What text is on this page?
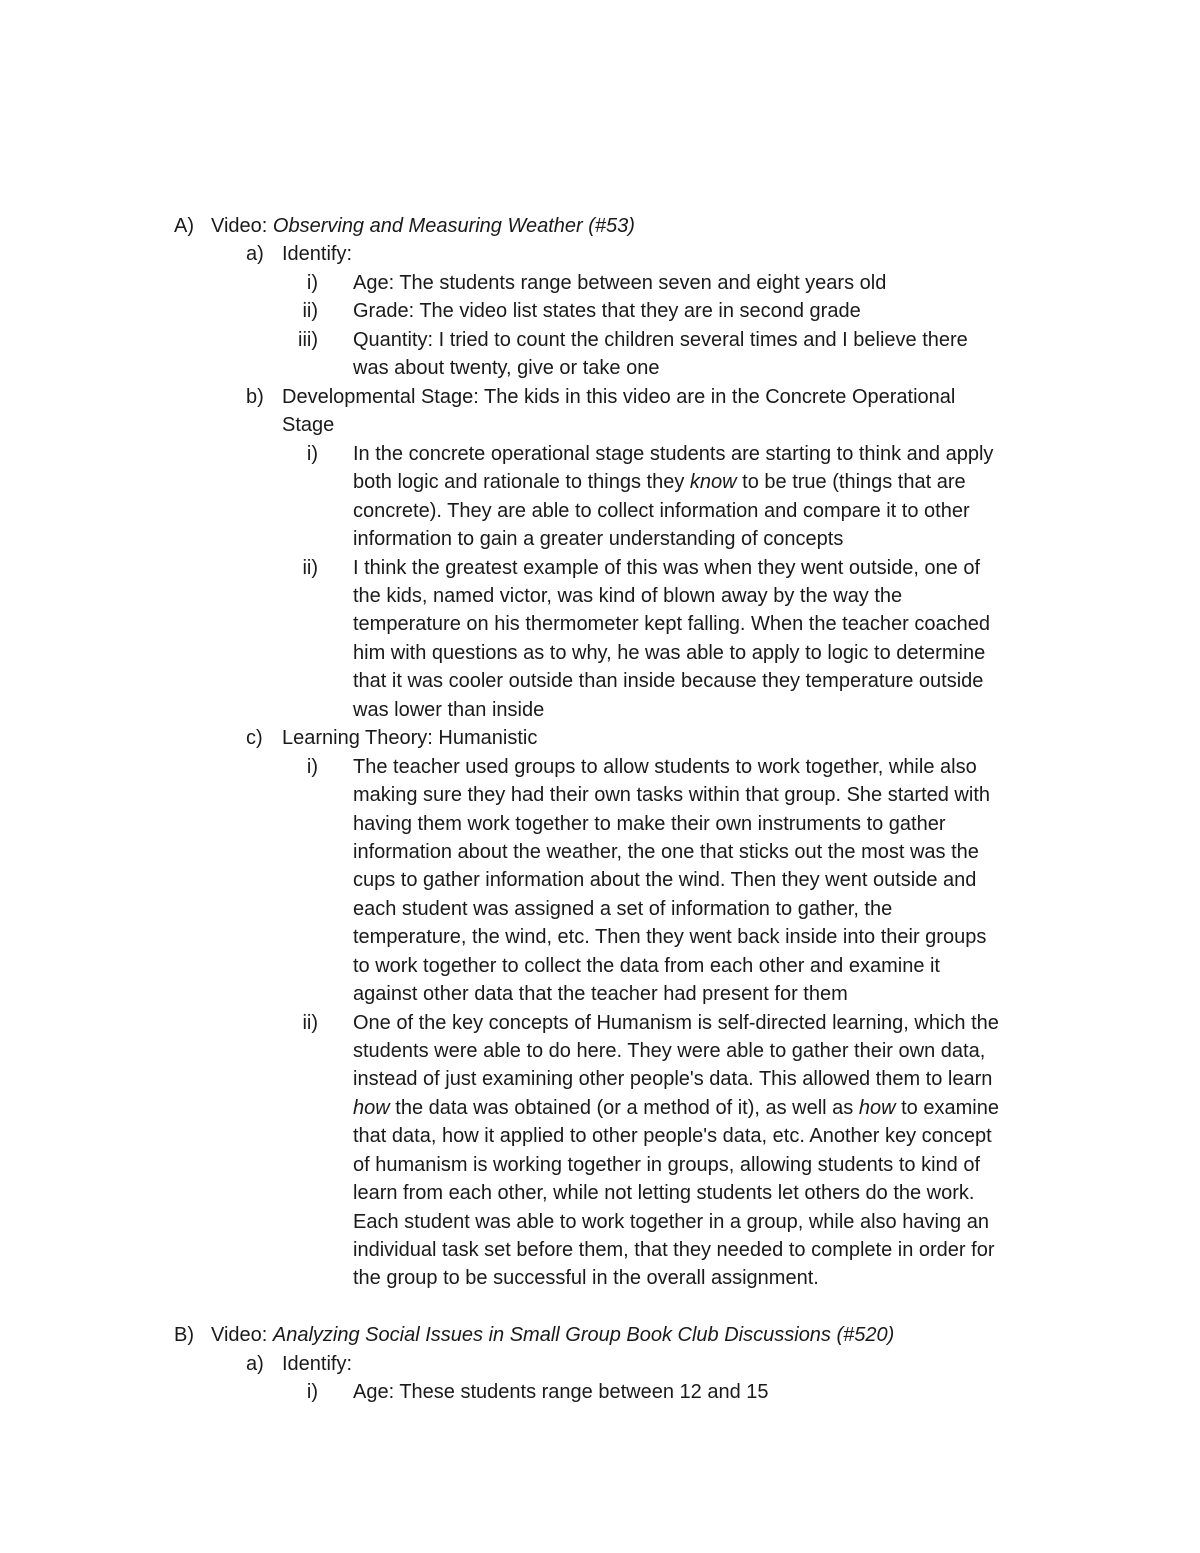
A) Video: Observing and Measuring Weather (#53)
a) Identify:
i) Age: The students range between seven and eight years old
ii) Grade: The video list states that they are in second grade
iii) Quantity: I tried to count the children several times and I believe there
was about twenty, give or take one
b) Developmental Stage: The kids in this video are in the Concrete Operational
Stage
i) In the concrete operational stage students are starting to think and apply
both logic and rationale to things they know to be true (things that are
concrete). They are able to collect information and compare it to other
information to gain a greater understanding of concepts
ii) I think the greatest example of this was when they went outside, one of
the kids, named victor, was kind of blown away by the way the
temperature on his thermometer kept falling. When the teacher coached
him with questions as to why, he was able to apply to logic to determine
that it was cooler outside than inside because they temperature outside
was lower than inside
c) Learning Theory: Humanistic
i) The teacher used groups to allow students to work together, while also
making sure they had their own tasks within that group. She started with
having them work together to make their own instruments to gather
information about the weather, the one that sticks out the most was the
cups to gather information about the wind. Then they went outside and
each student was assigned a set of information to gather, the
temperature, the wind, etc. Then they went back inside into their groups
to work together to collect the data from each other and examine it
against other data that the teacher had present for them
ii) One of the key concepts of Humanism is self-directed learning, which the
students were able to do here. They were able to gather their own data,
instead of just examining other people's data. This allowed them to learn
how the data was obtained (or a method of it), as well as how to examine
that data, how it applied to other people's data, etc. Another key concept
of humanism is working together in groups, allowing students to kind of
learn from each other, while not letting students let others do the work.
Each student was able to work together in a group, while also having an
individual task set before them, that they needed to complete in order for
the group to be successful in the overall assignment.
B) Video: Analyzing Social Issues in Small Group Book Club Discussions (#520)
a) Identify:
i) Age: These students range between 12 and 15
